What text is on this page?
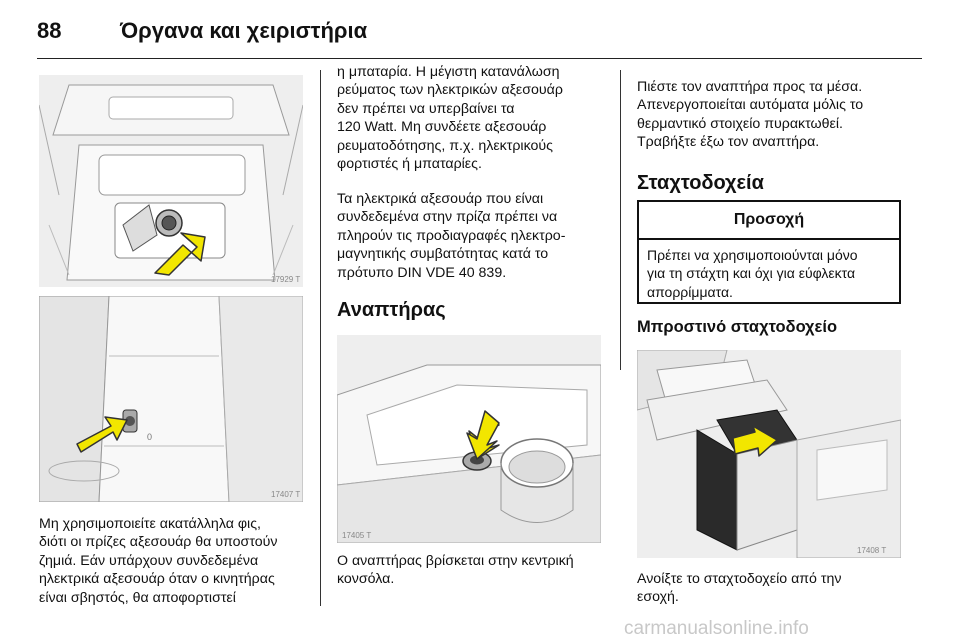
88	Όργανα και χειριστήρια
17929 T
0
17407 T
Μη χρησιμοποιείτε ακατάλληλα φις,
διότι οι πρίζες αξεσουάρ θα υποστούν
ζημιά. Εάν υπάρχουν συνδεδεμένα
ηλεκτρικά αξεσουάρ όταν ο κινητήρας
είναι σβηστός, θα αποφορτιστεί
η μπαταρία. Η μέγιστη κατανάλωση
ρεύματος των ηλεκτρικών αξεσουάρ
δεν πρέπει να υπερβαίνει τα
120 Watt. Μη συνδέετε αξεσουάρ
ρευματοδότησης, π.χ. ηλεκτρικούς
φορτιστές ή μπαταρίες.
Τα ηλεκτρικά αξεσουάρ που είναι
συνδεδεμένα στην πρίζα πρέπει να
πληρούν τις προδιαγραφές ηλεκτρο-
μαγνητικής συμβατότητας κατά το
πρότυπο DIN VDE 40 839.
Αναπτήρας
17405 T
Ο αναπτήρας βρίσκεται στην κεντρική
κονσόλα.
Πιέστε τον αναπτήρα προς τα μέσα.
Απενεργοποιείται αυτόματα μόλις το
θερμαντικό στοιχείο πυρακτωθεί.
Τραβήξτε έξω τον αναπτήρα.
Σταχτοδοχεία
Προσοχή
Πρέπει να χρησιμοποιούνται μόνο
για τη στάχτη και όχι για εύφλεκτα
απορρίμματα.
Μπροστινό σταχτοδοχείο
17408 T
Ανοίξτε το σταχτοδοχείο από την
εσοχή.
carmanualsonline.info
